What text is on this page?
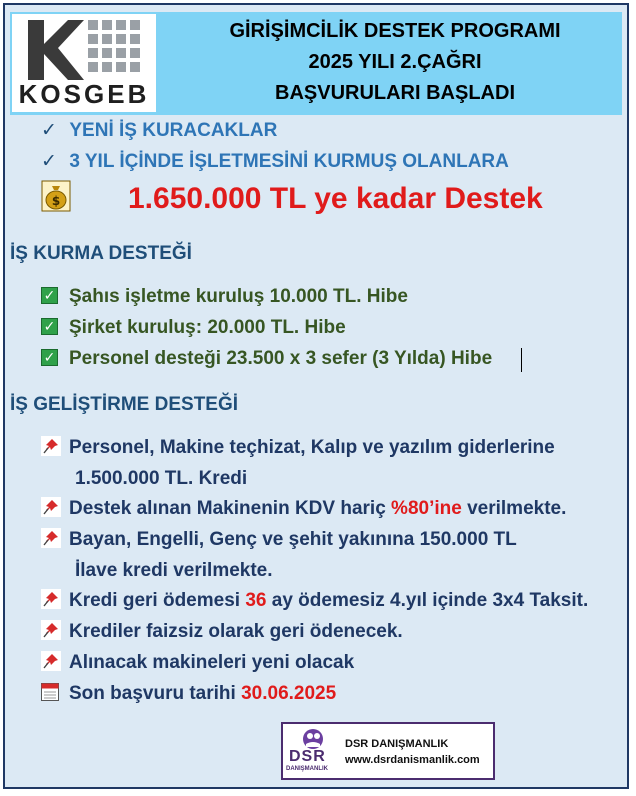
KOSGEB
GİRİŞİMCİLİK DESTEK PROGRAMI
2025 YILI 2.ÇAĞRI
BAŞVURULARI BAŞLADI
✓ YENİ İŞ KURACAKLAR
✓ 3 YIL İÇİNDE İŞLETMESİNİ KURMUŞ OLANLARA
$ 1.650.000 TL ye kadar Destek
İŞ KURMA DESTEĞİ
✓ Şahıs işletme kuruluş 10.000 TL. Hibe
✓ Şirket kuruluş: 20.000 TL. Hibe
✓ Personel desteği 23.500 x 3 sefer (3 Yılda) Hibe
İŞ GELİŞTİRME DESTEĞİ
Personel, Makine teçhizat, Kalıp ve yazılım giderlerine
1.500.000 TL. Kredi
Destek alınan Makinenin KDV hariç %80’ine verilmekte.
Bayan, Engelli, Genç ve şehit yakınına 150.000 TL
İlave kredi verilmekte.
Kredi geri ödemesi 36 ay ödemesiz 4.yıl içinde 3x4 Taksit.
Krediler faizsiz olarak geri ödenecek.
Alınacak makineleri yeni olacak
Son başvuru tarihi 30.06.2025
DSR
DANIŞMANLIK
DSR DANIŞMANLIK
www.dsrdanismanlik.com
